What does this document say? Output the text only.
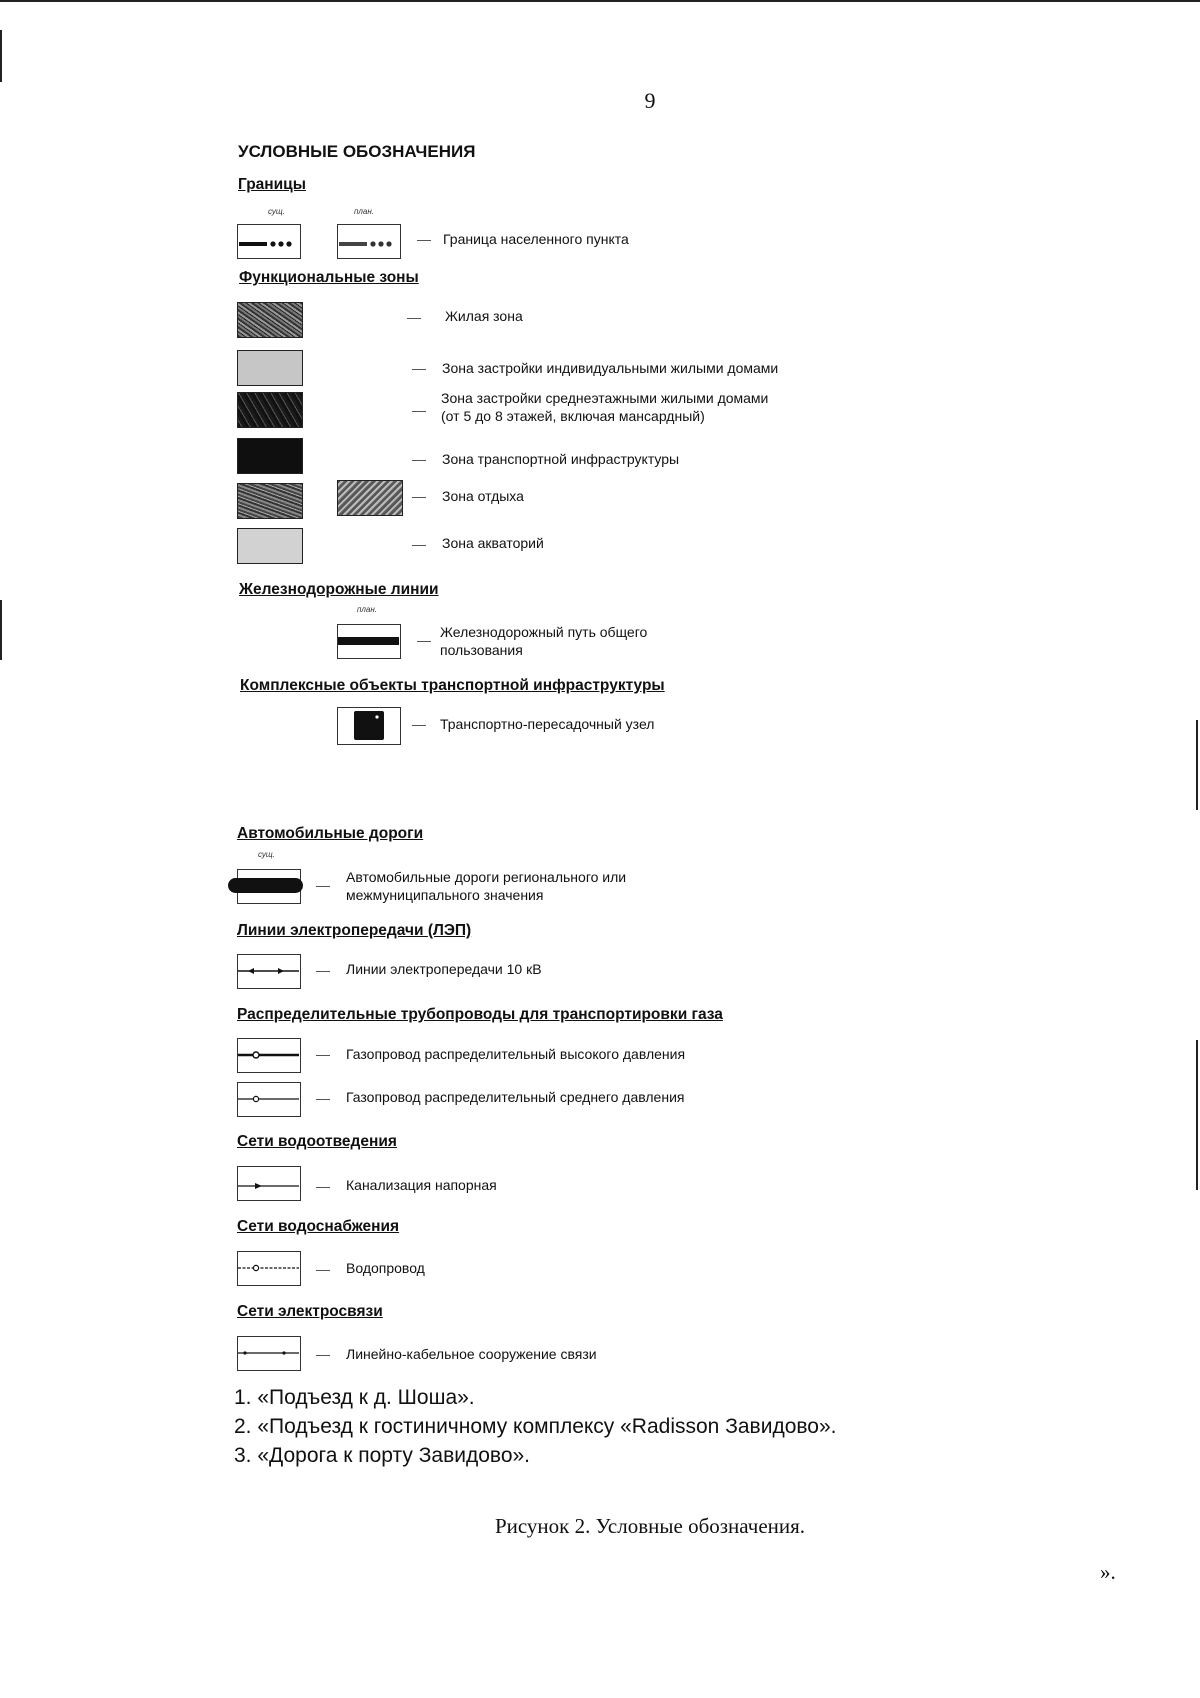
9
УСЛОВНЫЕ ОБОЗНАЧЕНИЯ
Границы
сущ.	план.
Граница населенного пункта
Функциональные зоны
Жилая зона
Зона застройки индивидуальными жилыми домами
Зона застройки среднеэтажными жилыми домами
(от 5 до 8 этажей, включая мансардный)
Зона транспортной инфраструктуры
Зона отдыха
Зона акваторий
Железнодорожные линии
план.
Железнодорожный путь общего
пользования
Комплексные объекты транспортной инфраструктуры
Транспортно-пересадочный узел
Автомобильные дороги
сущ.
Автомобильные дороги регионального или
межмуниципального значения
Линии электропередачи (ЛЭП)
Линии электропередачи 10 кВ
Распределительные трубопроводы для транспортировки газа
Газопровод распределительный высокого давления
Газопровод распределительный среднего давления
Сети водоотведения
Канализация напорная
Сети водоснабжения
Водопровод
Сети электросвязи
Линейно-кабельное сооружение связи
1. «Подъезд к д. Шоша».
2. «Подъезд к гостиничному комплексу «Radisson Завидово».
3. «Дорога к порту Завидово».
Рисунок 2. Условные обозначения.
».
